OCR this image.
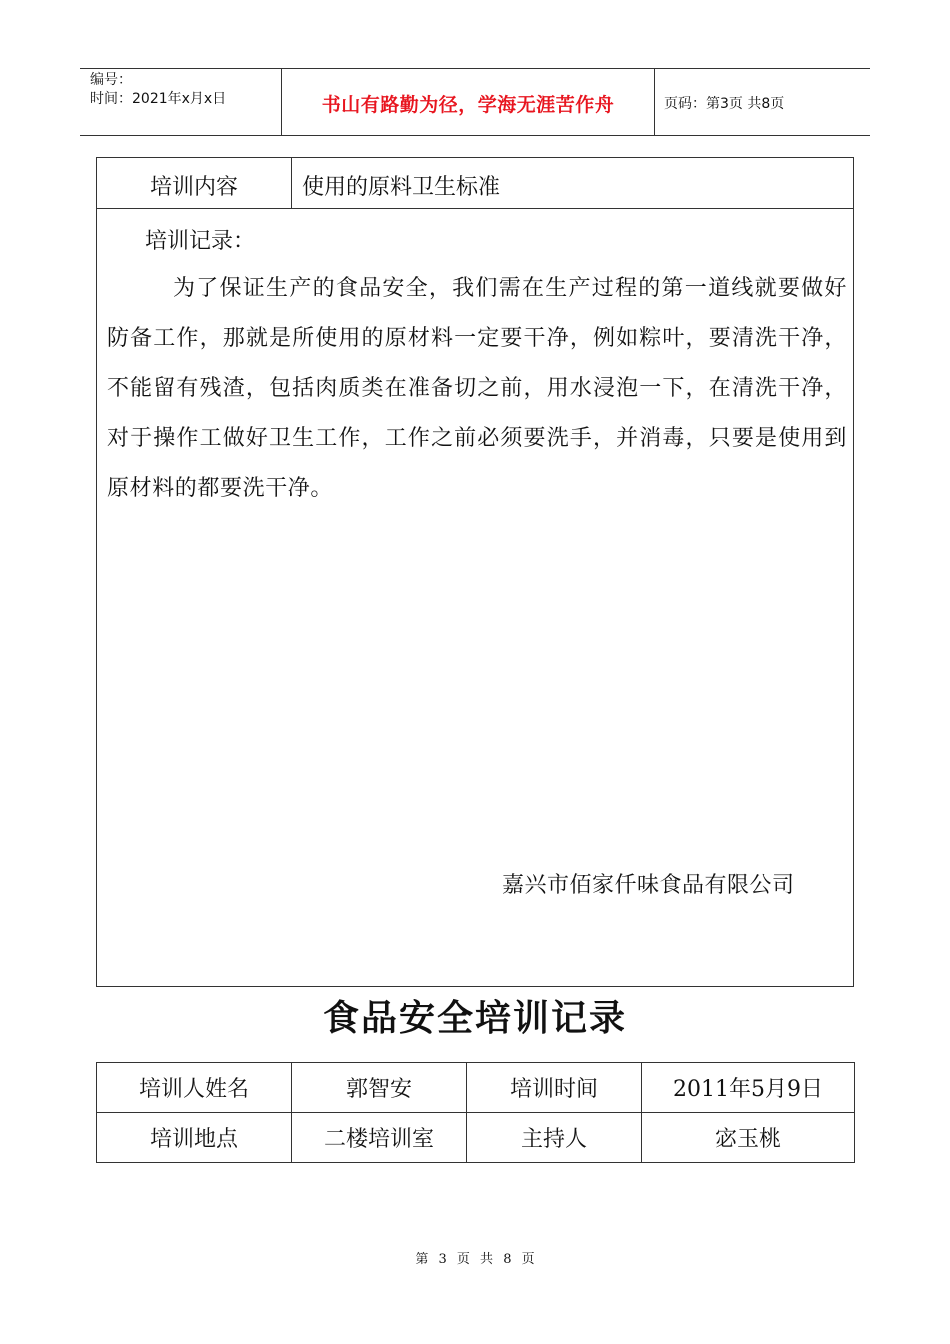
编号：
时间：2021年x月x日	书山有路勤为径，学海无涯苦作舟	页码：第3页 共8页
培训内容	使用的原料卫生标准
培训记录：

为了保证生产的食品安全，我们需在生产过程的第一道线就要做好防备工作，那就是所使用的原材料一定要干净，例如粽叶，要清洗干净，不能留有残渣，包括肉质类在准备切之前，用水浸泡一下，在清洗干净，对于操作工做好卫生工作，工作之前必须要洗手，并消毒，只要是使用到原材料的都要洗干净。

嘉兴市佰家仟味食品有限公司
食品安全培训记录
培训人姓名	郭智安	培训时间	2011年5月9日
培训地点	二楼培训室	主持人	宓玉桃
第 3 页 共 8 页
